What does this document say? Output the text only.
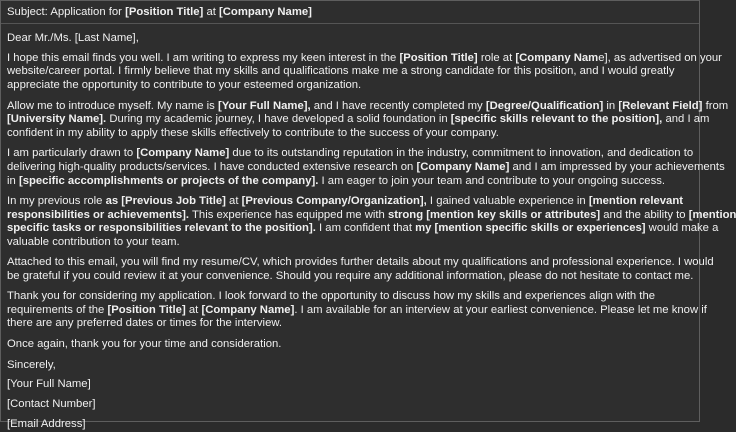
Subject: Application for [Position Title] at [Company Name]
Dear Mr./Ms. [Last Name],
I hope this email finds you well. I am writing to express my keen interest in the [Position Title] role at [Company Name], as advertised on your
website/career portal. I firmly believe that my skills and qualifications make me a strong candidate for this position, and I would greatly
appreciate the opportunity to contribute to your esteemed organization.
Allow me to introduce myself. My name is [Your Full Name], and I have recently completed my [Degree/Qualification] in [Relevant Field] from
[University Name]. During my academic journey, I have developed a solid foundation in [specific skills relevant to the position], and I am
confident in my ability to apply these skills effectively to contribute to the success of your company.
I am particularly drawn to [Company Name] due to its outstanding reputation in the industry, commitment to innovation, and dedication to
delivering high-quality products/services. I have conducted extensive research on [Company Name] and I am impressed by your achievements
in [specific accomplishments or projects of the company]. I am eager to join your team and contribute to your ongoing success.
In my previous role as [Previous Job Title] at [Previous Company/Organization], I gained valuable experience in [mention relevant
responsibilities or achievements]. This experience has equipped me with strong [mention key skills or attributes] and the ability to [mention
specific tasks or responsibilities relevant to the position]. I am confident that my [mention specific skills or experiences] would make a
valuable contribution to your team.
Attached to this email, you will find my resume/CV, which provides further details about my qualifications and professional experience. I would
be grateful if you could review it at your convenience. Should you require any additional information, please do not hesitate to contact me.
Thank you for considering my application. I look forward to the opportunity to discuss how my skills and experiences align with the
requirements of the [Position Title] at [Company Name]. I am available for an interview at your earliest convenience. Please let me know if
there are any preferred dates or times for the interview.
Once again, thank you for your time and consideration.
Sincerely,
[Your Full Name]
[Contact Number]
[Email Address]
